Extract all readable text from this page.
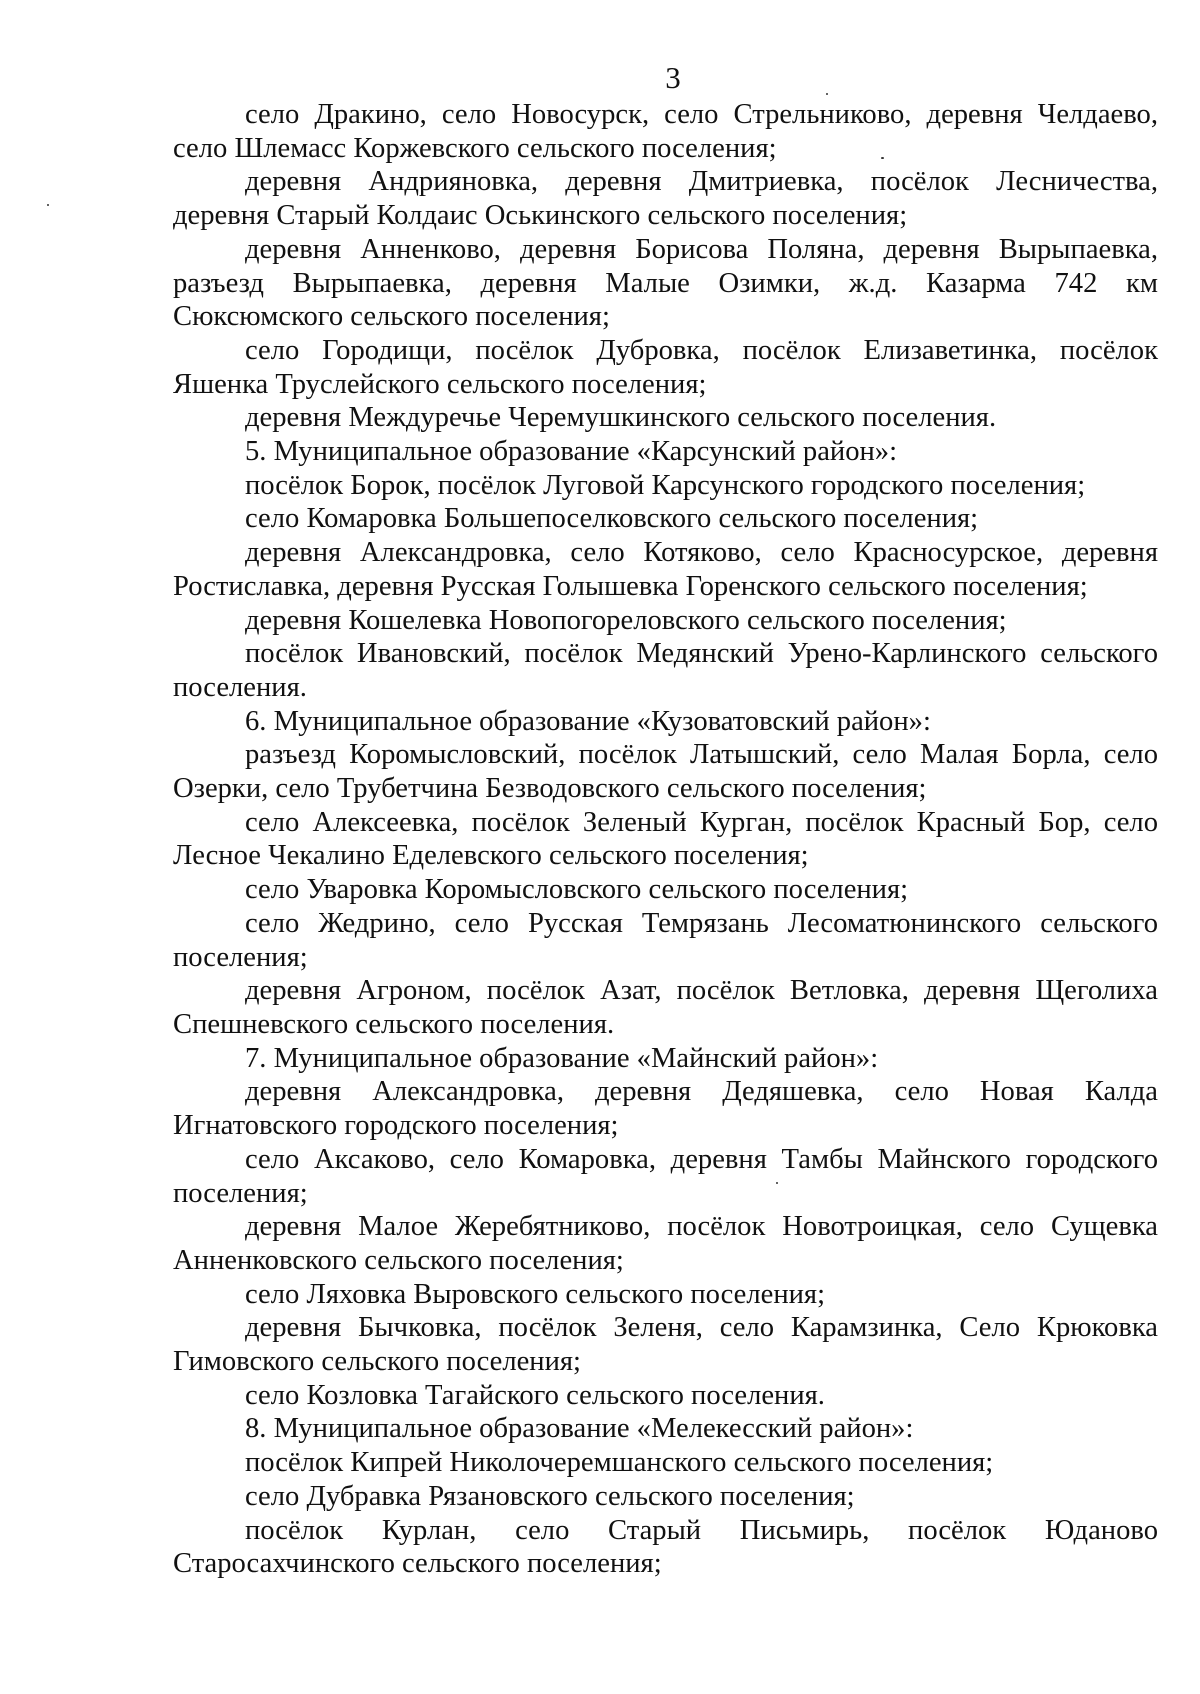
3

село Дракино, село Новосурск, село Стрельниково, деревня Челдаево, село Шлемасс Коржевского сельского поселения;

деревня Андрияновка, деревня Дмитриевка, посёлок Лесничества, деревня Старый Колдаис Оськинского сельского поселения;

деревня Анненково, деревня Борисова Поляна, деревня Вырыпаевка, разъезд Вырыпаевка, деревня Малые Озимки, ж.д. Казарма 742 км Сюксюмского сельского поселения;

село Городищи, посёлок Дубровка, посёлок Елизаветинка, посёлок Яшенка Труслейского сельского поселения;

деревня Междуречье Черемушкинского сельского поселения.

5. Муниципальное образование «Карсунский район»:

посёлок Борок, посёлок Луговой Карсунского городского поселения;

село Комаровка Большепоселковского сельского поселения;

деревня Александровка, село Котяково, село Красносурское, деревня Ростиславка, деревня Русская Голышевка Горенского сельского поселения;

деревня Кошелевка Новопогореловского сельского поселения;

посёлок Ивановский, посёлок Медянский Урено-Карлинского сельского поселения.

6. Муниципальное образование «Кузоватовский район»:

разъезд Коромысловский, посёлок Латышский, село Малая Борла, село Озерки, село Трубетчина Безводовского сельского поселения;

село Алексеевка, посёлок Зеленый Курган, посёлок Красный Бор, село Лесное Чекалино Еделевского сельского поселения;

село Уваровка Коромысловского сельского поселения;

село Жедрино, село Русская Темрязань Лесоматюнинского сельского поселения;

деревня Агроном, посёлок Азат, посёлок Ветловка, деревня Щеголиха Спешневского сельского поселения.

7. Муниципальное образование «Майнский район»:

деревня Александровка, деревня Дедяшевка, село Новая Калда Игнатовского городского поселения;

село Аксаково, село Комаровка, деревня Тамбы Майнского городского поселения;

деревня Малое Жеребятниково, посёлок Новотроицкая, село Сущевка Анненковского сельского поселения;

село Ляховка Выровского сельского поселения;

деревня Бычковка, посёлок Зеленя, село Карамзинка, Село Крюковка Гимовского сельского поселения;

село Козловка Тагайского сельского поселения.

8. Муниципальное образование «Мелекесский район»:

посёлок Кипрей Николочеремшанского сельского поселения;

село Дубравка Рязановского сельского поселения;

посёлок Курлан, село Старый Письмирь, посёлок Юданово Старосахчинского сельского поселения;
